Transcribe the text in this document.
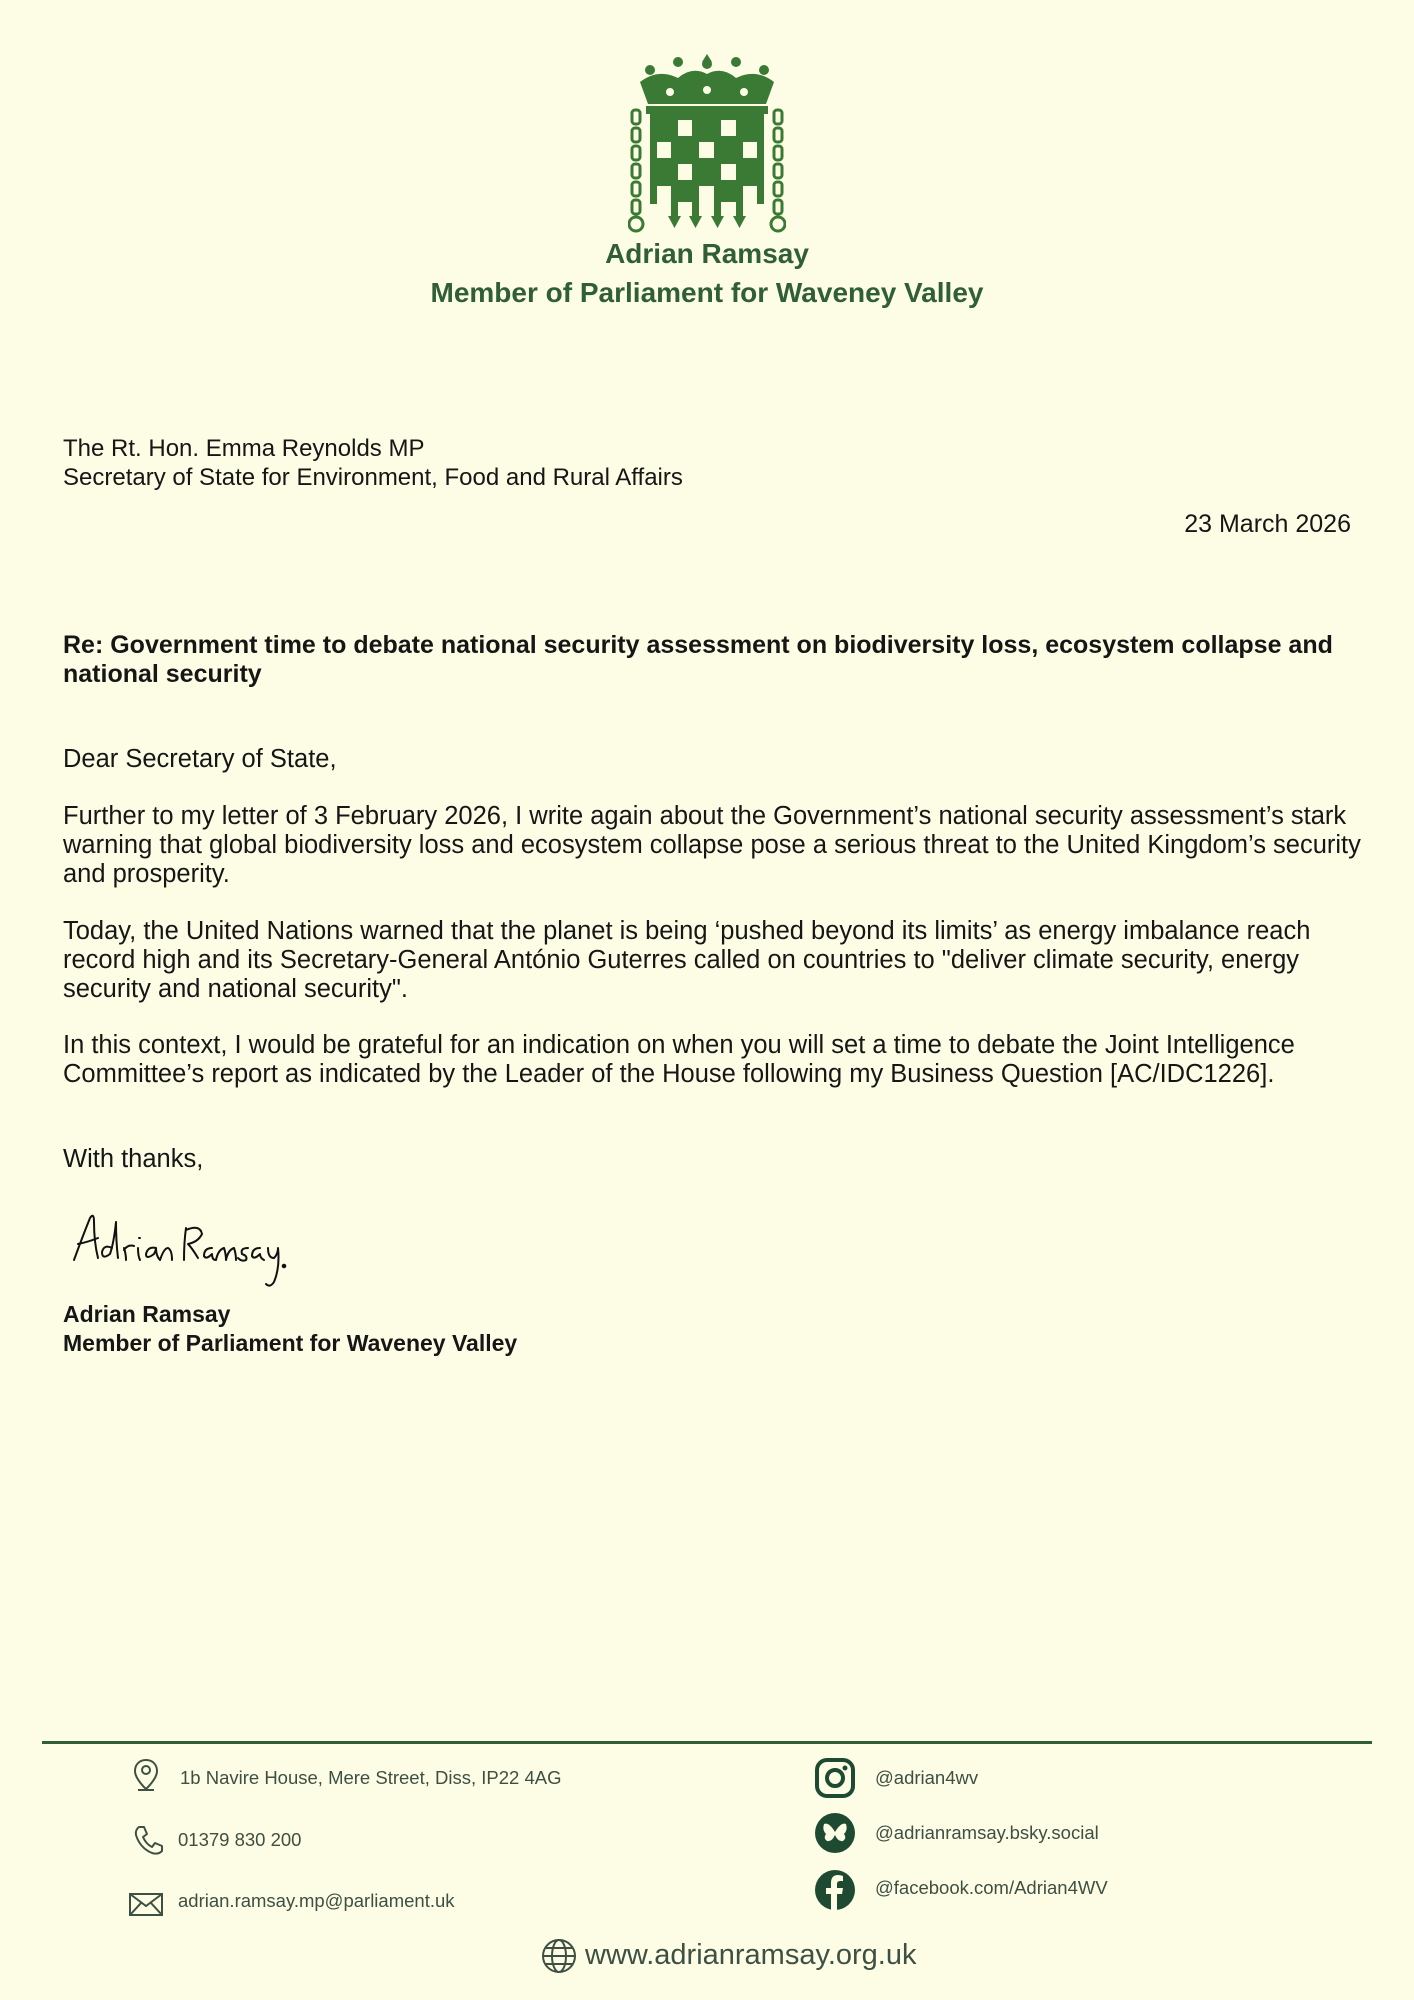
Adrian Ramsay
Member of Parliament for Waveney Valley
The Rt. Hon. Emma Reynolds MP
Secretary of State for Environment, Food and Rural Affairs
23 March 2026
Re: Government time to debate national security assessment on biodiversity loss, ecosystem collapse and national security
Dear Secretary of State,
Further to my letter of 3 February 2026, I write again about the Government’s national security assessment’s stark warning that global biodiversity loss and ecosystem collapse pose a serious threat to the United Kingdom’s security and prosperity.
Today, the United Nations warned that the planet is being ‘pushed beyond its limits’ as energy imbalance reach record high and its Secretary-General António Guterres called on countries to "deliver climate security, energy security and national security".
In this context, I would be grateful for an indication on when you will set a time to debate the Joint Intelligence Committee’s report as indicated by the Leader of the House following my Business Question [AC/IDC1226].
With thanks,
Adrian Ramsay
Member of Parliament for Waveney Valley
1b Navire House, Mere Street, Diss, IP22 4AG
01379 830 200
adrian.ramsay.mp@parliament.uk
@adrian4wv
@adrianramsay.bsky.social
@facebook.com/Adrian4WV
www.adrianramsay.org.uk
